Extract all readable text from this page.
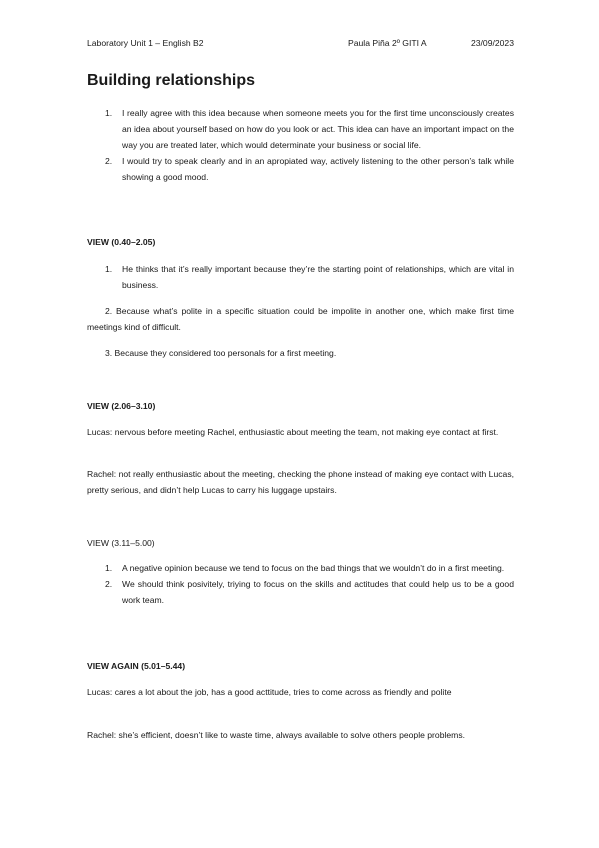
Laboratory Unit 1 – English B2	Paula Piña 2º GITI A	23/09/2023
Building relationships
1. I really agree with this idea because when someone meets you for the first time unconsciously creates an idea about yourself based on how do you look or act. This idea can have an important impact on the way you are treated later, which would determinate your business or social life.
2. I would try to speak clearly and in an apropiated way, actively listening to the other person’s talk while showing a good mood.

VIEW (0.40–2.05)

1. He thinks that it’s really important because they’re the starting point of relationships, which are vital in business.

2. Because what’s polite in a specific situation could be impolite in another one, which make first time meetings kind of difficult.

3. Because they considered too personals for a first meeting.

VIEW (2.06–3.10)

Lucas: nervous before meeting Rachel, enthusiastic about meeting the team, not making eye contact at first.

Rachel: not really enthusiastic about the meeting, checking the phone instead of making eye contact with Lucas, pretty serious, and didn’t help Lucas to carry his luggage upstairs.

VIEW (3.11–5.00)

1. A negative opinion because we tend to focus on the bad things that we wouldn’t do in a first meeting.
2. We should think posivitely, triying to focus on the skills and actitudes that could help us to be a good work team.

VIEW AGAIN (5.01–5.44)

Lucas: cares a lot about the job, has a good acttitude, tries to come across as friendly and polite

Rachel: she’s efficient, doesn’t like to waste time, always available to solve others people problems.
